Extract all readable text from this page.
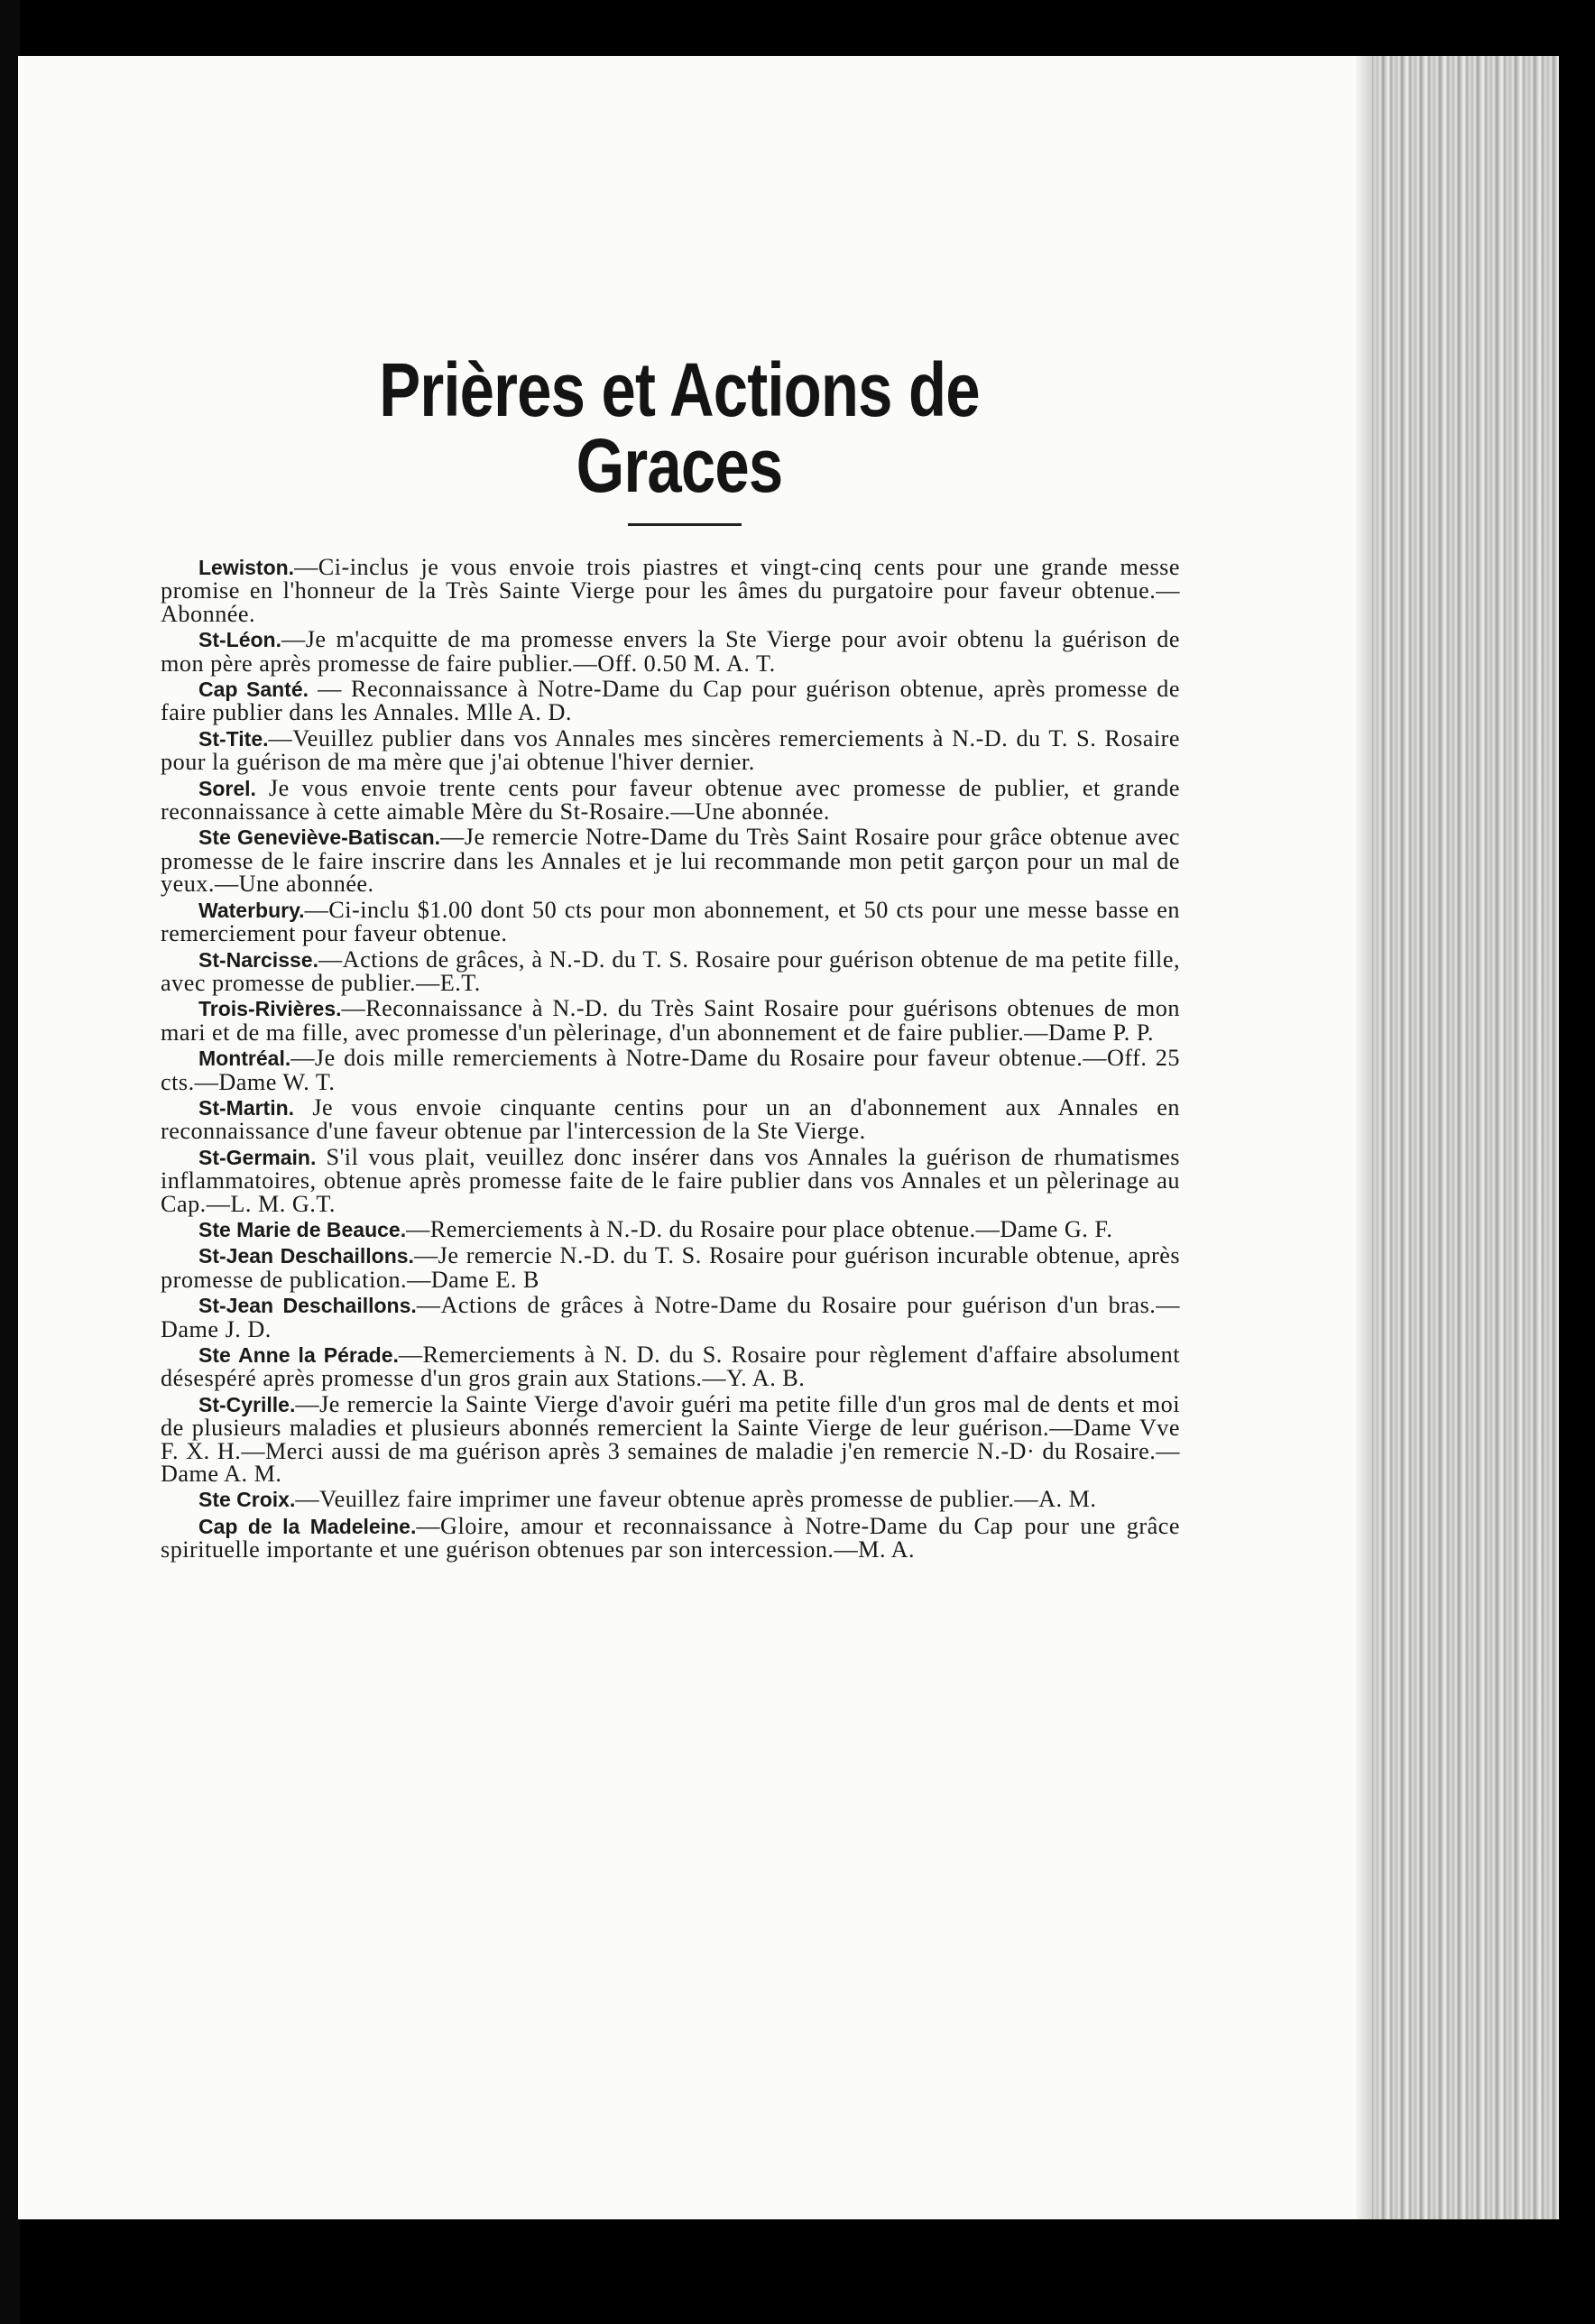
Prières et Actions de Graces

Lewiston.—Ci-inclus je vous envoie trois piastres et vingt-cinq cents pour une grande messe promise en l'honneur de la Très Sainte Vierge pour les âmes du purgatoire pour faveur obtenue.—Abonnée.

St-Léon.—Je m'acquitte de ma promesse envers la Ste Vierge pour avoir obtenu la guérison de mon père après promesse de faire publier.—Off. 0.50 M. A. T.

Cap Santé. — Reconnaissance à Notre-Dame du Cap pour guérison obtenue, après promesse de faire publier dans les Annales. Mlle A. D.

St-Tite.—Veuillez publier dans vos Annales mes sincères remerciements à N.-D. du T. S. Rosaire pour la guérison de ma mère que j'ai obtenue l'hiver dernier.

Sorel. Je vous envoie trente cents pour faveur obtenue avec promesse de publier, et grande reconnaissance à cette aimable Mère du St-Rosaire.—Une abonnée.

Ste Geneviève-Batiscan.—Je remercie Notre-Dame du Très Saint Rosaire pour grâce obtenue avec promesse de le faire inscrire dans les Annales et je lui recommande mon petit garçon pour un mal de yeux.—Une abonnée.

Waterbury.—Ci-inclu $1.00 dont 50 cts pour mon abonnement, et 50 cts pour une messe basse en remerciement pour faveur obtenue.

St-Narcisse.—Actions de grâces, à N.-D. du T. S. Rosaire pour guérison obtenue de ma petite fille, avec promesse de publier.—E.T.

Trois-Rivières.—Reconnaissance à N.-D. du Très Saint Rosaire pour guérisons obtenues de mon mari et de ma fille, avec promesse d'un pèlerinage, d'un abonnement et de faire publier.—Dame P. P.

Montréal.—Je dois mille remerciements à Notre-Dame du Rosaire pour faveur obtenue.—Off. 25 cts.—Dame W. T.

St-Martin. Je vous envoie cinquante centins pour un an d'abonnement aux Annales en reconnaissance d'une faveur obtenue par l'intercession de la Ste Vierge.

St-Germain. S'il vous plait, veuillez donc insérer dans vos Annales la guérison de rhumatismes inflammatoires, obtenue après promesse faite de le faire publier dans vos Annales et un pèlerinage au Cap.—L. M. G.T.

Ste Marie de Beauce.—Remerciements à N.-D. du Rosaire pour place obtenue.—Dame G. F.

St-Jean Deschaillons.—Je remercie N.-D. du T. S. Rosaire pour guérison incurable obtenue, après promesse de publication.—Dame E. B

St-Jean Deschaillons.—Actions de grâces à Notre-Dame du Rosaire pour guérison d'un bras.—Dame J. D.

Ste Anne la Pérade.—Remerciements à N. D. du S. Rosaire pour règlement d'affaire absolument désespéré après promesse d'un gros grain aux Stations.—Y. A. B.

St-Cyrille.—Je remercie la Sainte Vierge d'avoir guéri ma petite fille d'un gros mal de dents et moi de plusieurs maladies et plusieurs abonnés remercient la Sainte Vierge de leur guérison.—Dame Vve F. X. H.—Merci aussi de ma guérison après 3 semaines de maladie j'en remercie N.-D· du Rosaire.—Dame A. M.

Ste Croix.—Veuillez faire imprimer une faveur obtenue après promesse de publier.—A. M.

Cap de la Madeleine.—Gloire, amour et reconnaissance à Notre-Dame du Cap pour une grâce spirituelle importante et une guérison obtenues par son intercession.—M. A.
